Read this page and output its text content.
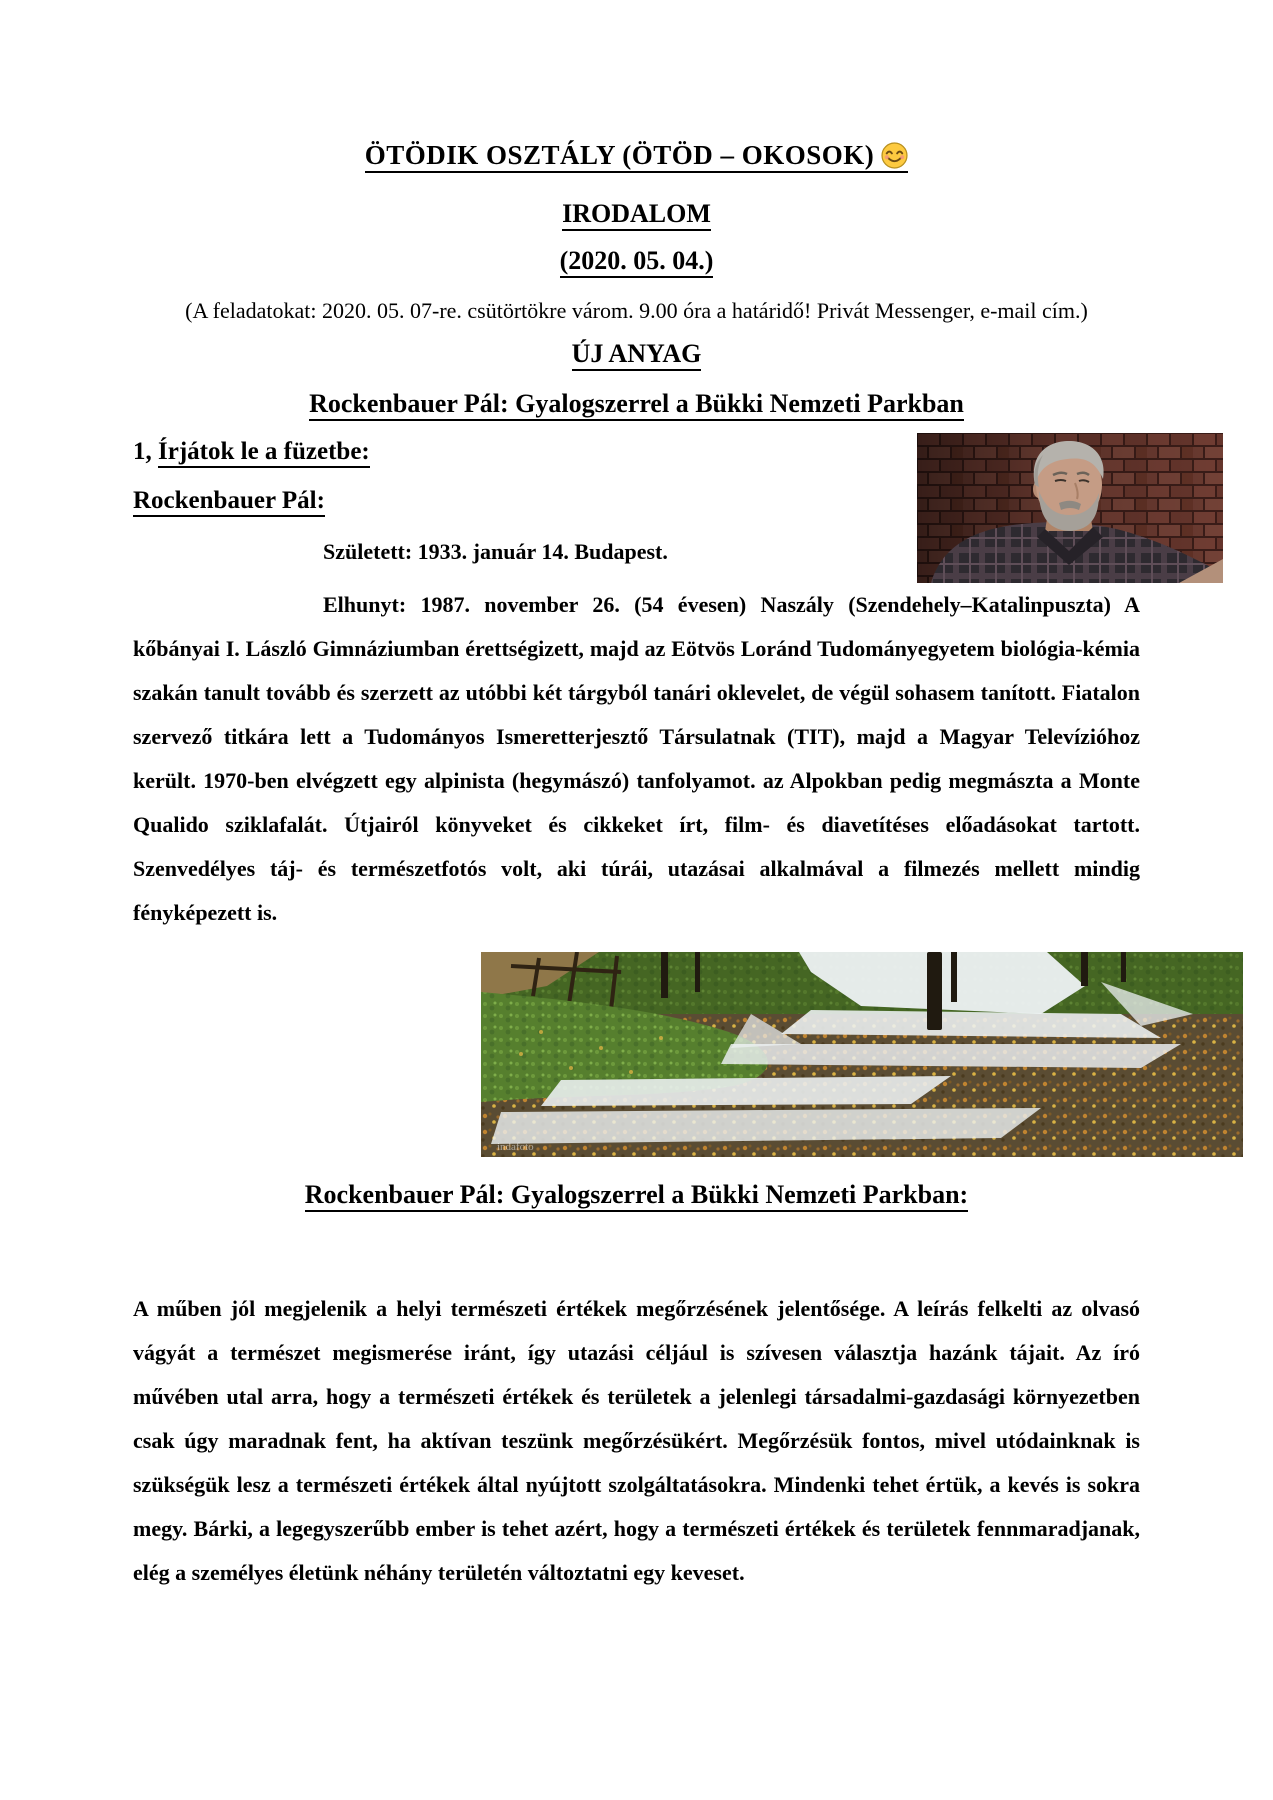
ÖTÖDIK OSZTÁLY (ÖTÖD – OKOSOK)
IRODALOM
(2020. 05. 04.)
(A feladatokat: 2020. 05. 07-re. csütörtökre várom. 9.00 óra a határidő! Privát Messenger, e-mail cím.)
ÚJ ANYAG
Rockenbauer Pál: Gyalogszerrel a Bükki Nemzeti Parkban
1, Írjátok le a füzetbe:
Rockenbauer Pál:
Született: 1933. január 14. Budapest.
Elhunyt: 1987. november 26. (54 évesen) Naszály (Szendehely–Katalinpuszta) A kőbányai I. László Gimnáziumban érettségizett, majd az Eötvös Loránd Tudományegyetem biológia-kémia szakán tanult tovább és szerzett az utóbbi két tárgyból tanári oklevelet, de végül sohasem tanított. Fiatalon szervező titkára lett a Tudományos Ismeretterjesztő Társulatnak (TIT), majd a Magyar Televízióhoz került. 1970-ben elvégzett egy alpinista (hegymászó) tanfolyamot. az Alpokban pedig megmászta a Monte Qualido sziklafalát. Útjairól könyveket és cikkeket írt, film- és diavetítéses előadásokat tartott. Szenvedélyes táj- és természetfotós volt, aki túrái, utazásai alkalmával a filmezés mellett mindig fényképezett is.
indafoto
Rockenbauer Pál: Gyalogszerrel a Bükki Nemzeti Parkban:
A műben jól megjelenik a helyi természeti értékek megőrzésének jelentősége. A leírás felkelti az olvasó vágyát a természet megismerése iránt, így utazási céljául is szívesen választja hazánk tájait. Az író művében utal arra, hogy a természeti értékek és területek a jelenlegi társadalmi-gazdasági környezetben csak úgy maradnak fent, ha aktívan teszünk megőrzésükért. Megőrzésük fontos, mivel utódainknak is szükségük lesz a természeti értékek által nyújtott szolgáltatásokra. Mindenki tehet értük, a kevés is sokra megy. Bárki, a legegyszerűbb ember is tehet azért, hogy a természeti értékek és területek fennmaradjanak, elég a személyes életünk néhány területén változtatni egy keveset.
